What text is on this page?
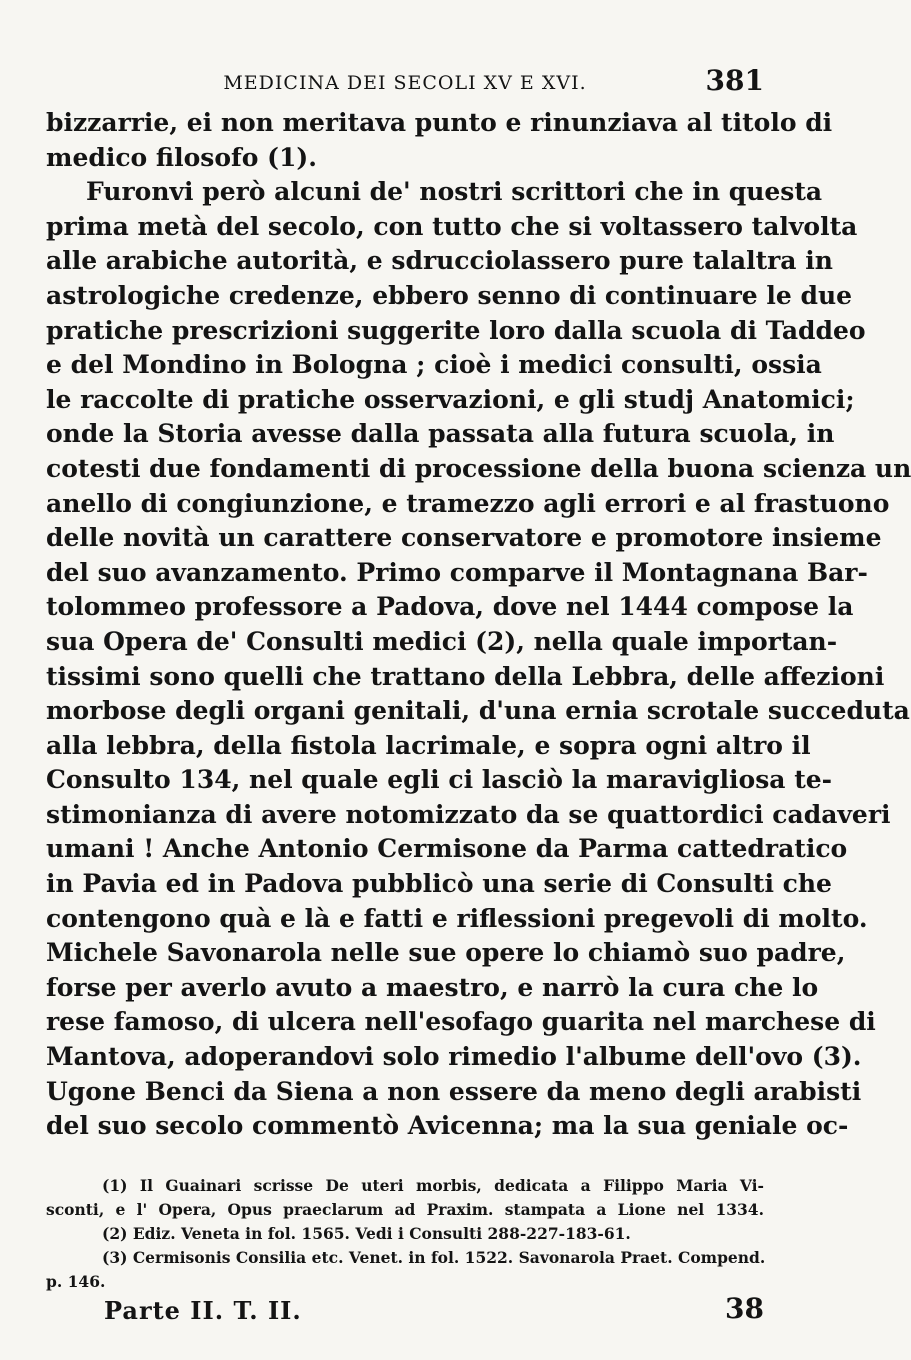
MEDICINA DEI SECOLI XV E XVI.	381
bizzarrie, ei non meritava punto e rinunziava al titolo di
medico filosofo (1).
Furonvi però alcuni de' nostri scrittori che in questa
prima metà del secolo, con tutto che si voltassero talvolta
alle arabiche autorità, e sdrucciolassero pure talaltra in
astrologiche credenze, ebbero senno di continuare le due
pratiche prescrizioni suggerite loro dalla scuola di Taddeo
e del Mondino in Bologna ; cioè i medici consulti, ossia
le raccolte di pratiche osservazioni, e gli studj Anatomici;
onde la Storia avesse dalla passata alla futura scuola, in
cotesti due fondamenti di processione della buona scienza un
anello di congiunzione, e tramezzo agli errori e al frastuono
delle novità un carattere conservatore e promotore insieme
del suo avanzamento. Primo comparve il Montagnana Bar-
tolommeo professore a Padova, dove nel 1444 compose la
sua Opera de' Consulti medici (2), nella quale importan-
tissimi sono quelli che trattano della Lebbra, delle affezioni
morbose degli organi genitali, d'una ernia scrotale succeduta
alla lebbra, della fistola lacrimale, e sopra ogni altro il
Consulto 134, nel quale egli ci lasciò la maravigliosa te-
stimonianza di avere notomizzato da se quattordici cadaveri
umani ! Anche Antonio Cermisone da Parma cattedratico
in Pavia ed in Padova pubblicò una serie di Consulti che
contengono quà e là e fatti e riflessioni pregevoli di molto.
Michele Savonarola nelle sue opere lo chiamò suo padre,
forse per averlo avuto a maestro, e narrò la cura che lo
rese famoso, di ulcera nell'esofago guarita nel marchese di
Mantova, adoperandovi solo rimedio l'albume dell'ovo (3).
Ugone Benci da Siena a non essere da meno degli arabisti
del suo secolo commentò Avicenna; ma la sua geniale oc-
(1) Il Guainari scrisse De uteri morbis, dedicata a Filippo Maria Vi-
sconti, e l' Opera, Opus praeclarum ad Praxim. stampata a Lione nel 1334.
(2) Ediz. Veneta in fol. 1565. Vedi i Consulti 288-227-183-61.
(3) Cermisonis Consilia etc. Venet. in fol. 1522. Savonarola Praet. Compend.
p. 146.
Parte II. T. II.	38
